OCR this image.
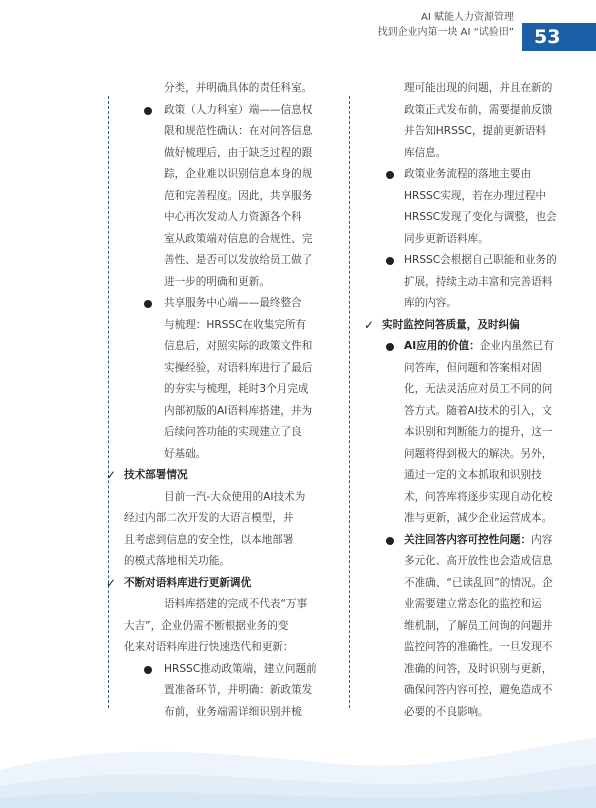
AI 赋能人力资源管理
找到企业内第一块 AI “试验田”	53
分类，并明确具体的责任科室。
政策（人力科室）端——信息权
限和规范性确认：在对问答信息
做好梳理后，由于缺乏过程的跟
踪，企业难以识别信息本身的规
范和完善程度。因此，共享服务
中心再次发动人力资源各个科
室从政策端对信息的合规性、完
善性、是否可以发放给员工做了
进一步的明确和更新。
共享服务中心端——最终整合
与梳理：HRSSC在收集完所有
信息后，对照实际的政策文件和
实操经验，对语料库进行了最后
的夯实与梳理，耗时3个月完成
内部初版的AI语料库搭建，并为
后续问答功能的实现建立了良
好基础。
✓ 技术部署情况
目前一汽-大众使用的AI技术为
经过内部二次开发的大语言模型，并
且考虑到信息的安全性，以本地部署
的模式落地相关功能。
✓ 不断对语料库进行更新调优
语料库搭建的完成不代表“万事
大吉”，企业仍需不断根据业务的变
化来对语料库进行快速迭代和更新：
HRSSC推动政策端，建立问题前
置准备环节，并明确：新政策发
布前，业务端需详细识别并梳
理可能出现的问题，并且在新的
政策正式发布前，需要提前反馈
并告知HRSSC，提前更新语料
库信息。
政策业务流程的落地主要由
HRSSC实现，若在办理过程中
HRSSC发现了变化与调整，也会
同步更新语料库。
HRSSC会根据自己职能和业务的
扩展，持续主动丰富和完善语料
库的内容。
✓ 实时监控问答质量，及时纠偏
AI应用的价值：企业内虽然已有
问答库，但问题和答案相对固
化，无法灵活应对员工不同的问
答方式。随着AI技术的引入，文
本识别和判断能力的提升，这一
问题将得到极大的解决。另外，
通过一定的文本抓取和识别技
术，问答库将逐步实现自动化校
准与更新，减少企业运营成本。
关注回答内容可控性问题：内容
多元化、高开放性也会造成信息
不准确、“已读乱回”的情况。企
业需要建立常态化的监控和运
维机制，了解员工问询的问题并
监控问答的准确性。一旦发现不
准确的问答，及时识别与更新，
确保问答内容可控，避免造成不
必要的不良影响。
